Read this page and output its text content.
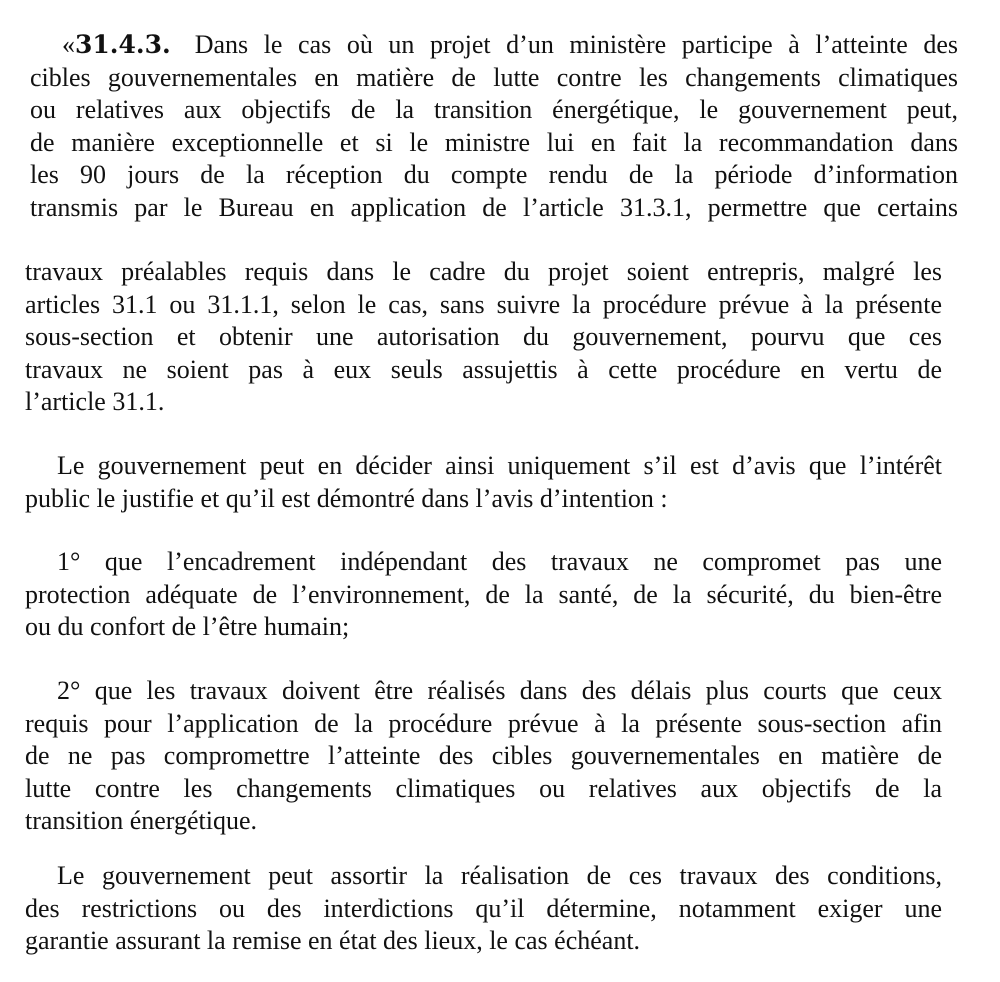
«31.4.3. Dans le cas où un projet d’un ministère participe à l’atteinte des
cibles gouvernementales en matière de lutte contre les changements climatiques
ou relatives aux objectifs de la transition énergétique, le gouvernement peut,
de manière exceptionnelle et si le ministre lui en fait la recommandation dans
les 90 jours de la réception du compte rendu de la période d’information
transmis par le Bureau en application de l’article 31.3.1, permettre que certains
travaux préalables requis dans le cadre du projet soient entrepris, malgré les
articles 31.1 ou 31.1.1, selon le cas, sans suivre la procédure prévue à la présente
sous-section et obtenir une autorisation du gouvernement, pourvu que ces
travaux ne soient pas à eux seuls assujettis à cette procédure en vertu de
l’article 31.1.
Le gouvernement peut en décider ainsi uniquement s’il est d’avis que l’intérêt
public le justifie et qu’il est démontré dans l’avis d’intention :
1° que l’encadrement indépendant des travaux ne compromet pas une
protection adéquate de l’environnement, de la santé, de la sécurité, du bien-être
ou du confort de l’être humain;
2° que les travaux doivent être réalisés dans des délais plus courts que ceux
requis pour l’application de la procédure prévue à la présente sous-section afin
de ne pas compromettre l’atteinte des cibles gouvernementales en matière de
lutte contre les changements climatiques ou relatives aux objectifs de la
transition énergétique.
Le gouvernement peut assortir la réalisation de ces travaux des conditions,
des restrictions ou des interdictions qu’il détermine, notamment exiger une
garantie assurant la remise en état des lieux, le cas échéant.
